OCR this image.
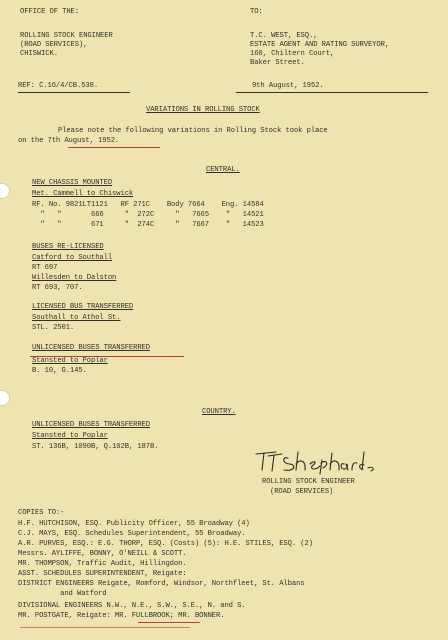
OFFICE OF THE:	TO:
ROLLING STOCK ENGINEER
(ROAD SERVICES),
CHISWICK.
T.C. WEST, ESQ.,
ESTATE AGENT AND RATING SURVEYOR,
160, Chiltern Court,
Baker Street.
REF: C.16/4/CB.538.	9th August, 1952.
VARIATIONS IN ROLLING STOCK
Please note the following variations in Rolling Stock took place
on the 7th August, 1952.
CENTRAL.
NEW CHASSIS MOUNTED
Met. Cammell to Chiswick
RF. No. 9821LT1121   RF 271C    Body 7664    Eng. 14584
"   "       666     "  272C     "   7665    "   14521
"   "       671     "  274C     "   7667    "   14523
BUSES RE-LICENSED
Catford to Southall
RT 697
Willesden to Dalston
RT 693, 707.
LICENSED BUS TRANSFERRED
Southall to Athol St.
STL. 2501.
UNLICENSED BUSES TRANSFERRED
Stansted to Poplar
B. 10, G.145.
COUNTRY.
UNLICENSED BUSES TRANSFERRED
Stansted to Poplar
ST. 136B, 1090B, Q.102B, 187B.
ROLLING STOCK ENGINEER
(ROAD SERVICES)
COPIES TO:-
H.F. HUTCHISON, ESQ. Publicity Officer, 55 Broadway (4)
C.J. MAYS, ESQ. Schedules Superintendent, 55 Broadway.
A.R. PURVES, ESQ.: E.G. THORP, ESQ. (Costs) (5): H.E. STILES, ESQ. (2)
Messrs. AYLIFFE, BONNY, O'NEILL & SCOTT.
MR. THOMPSON, Traffic Audit, Hillingdon.
ASST. SCHEDULES SUPERINTENDENT, Reigate:
DISTRICT ENGINEERS Reigate, Romford, Windsor, Northfleet, St. Albans
and Watford
DIVISIONAL ENGINEERS N.W., N.E., S.W., S.E., N. and S.
MR. POSTGATE, Reigate: MR. FULLBROOK; MR. BONNER.
